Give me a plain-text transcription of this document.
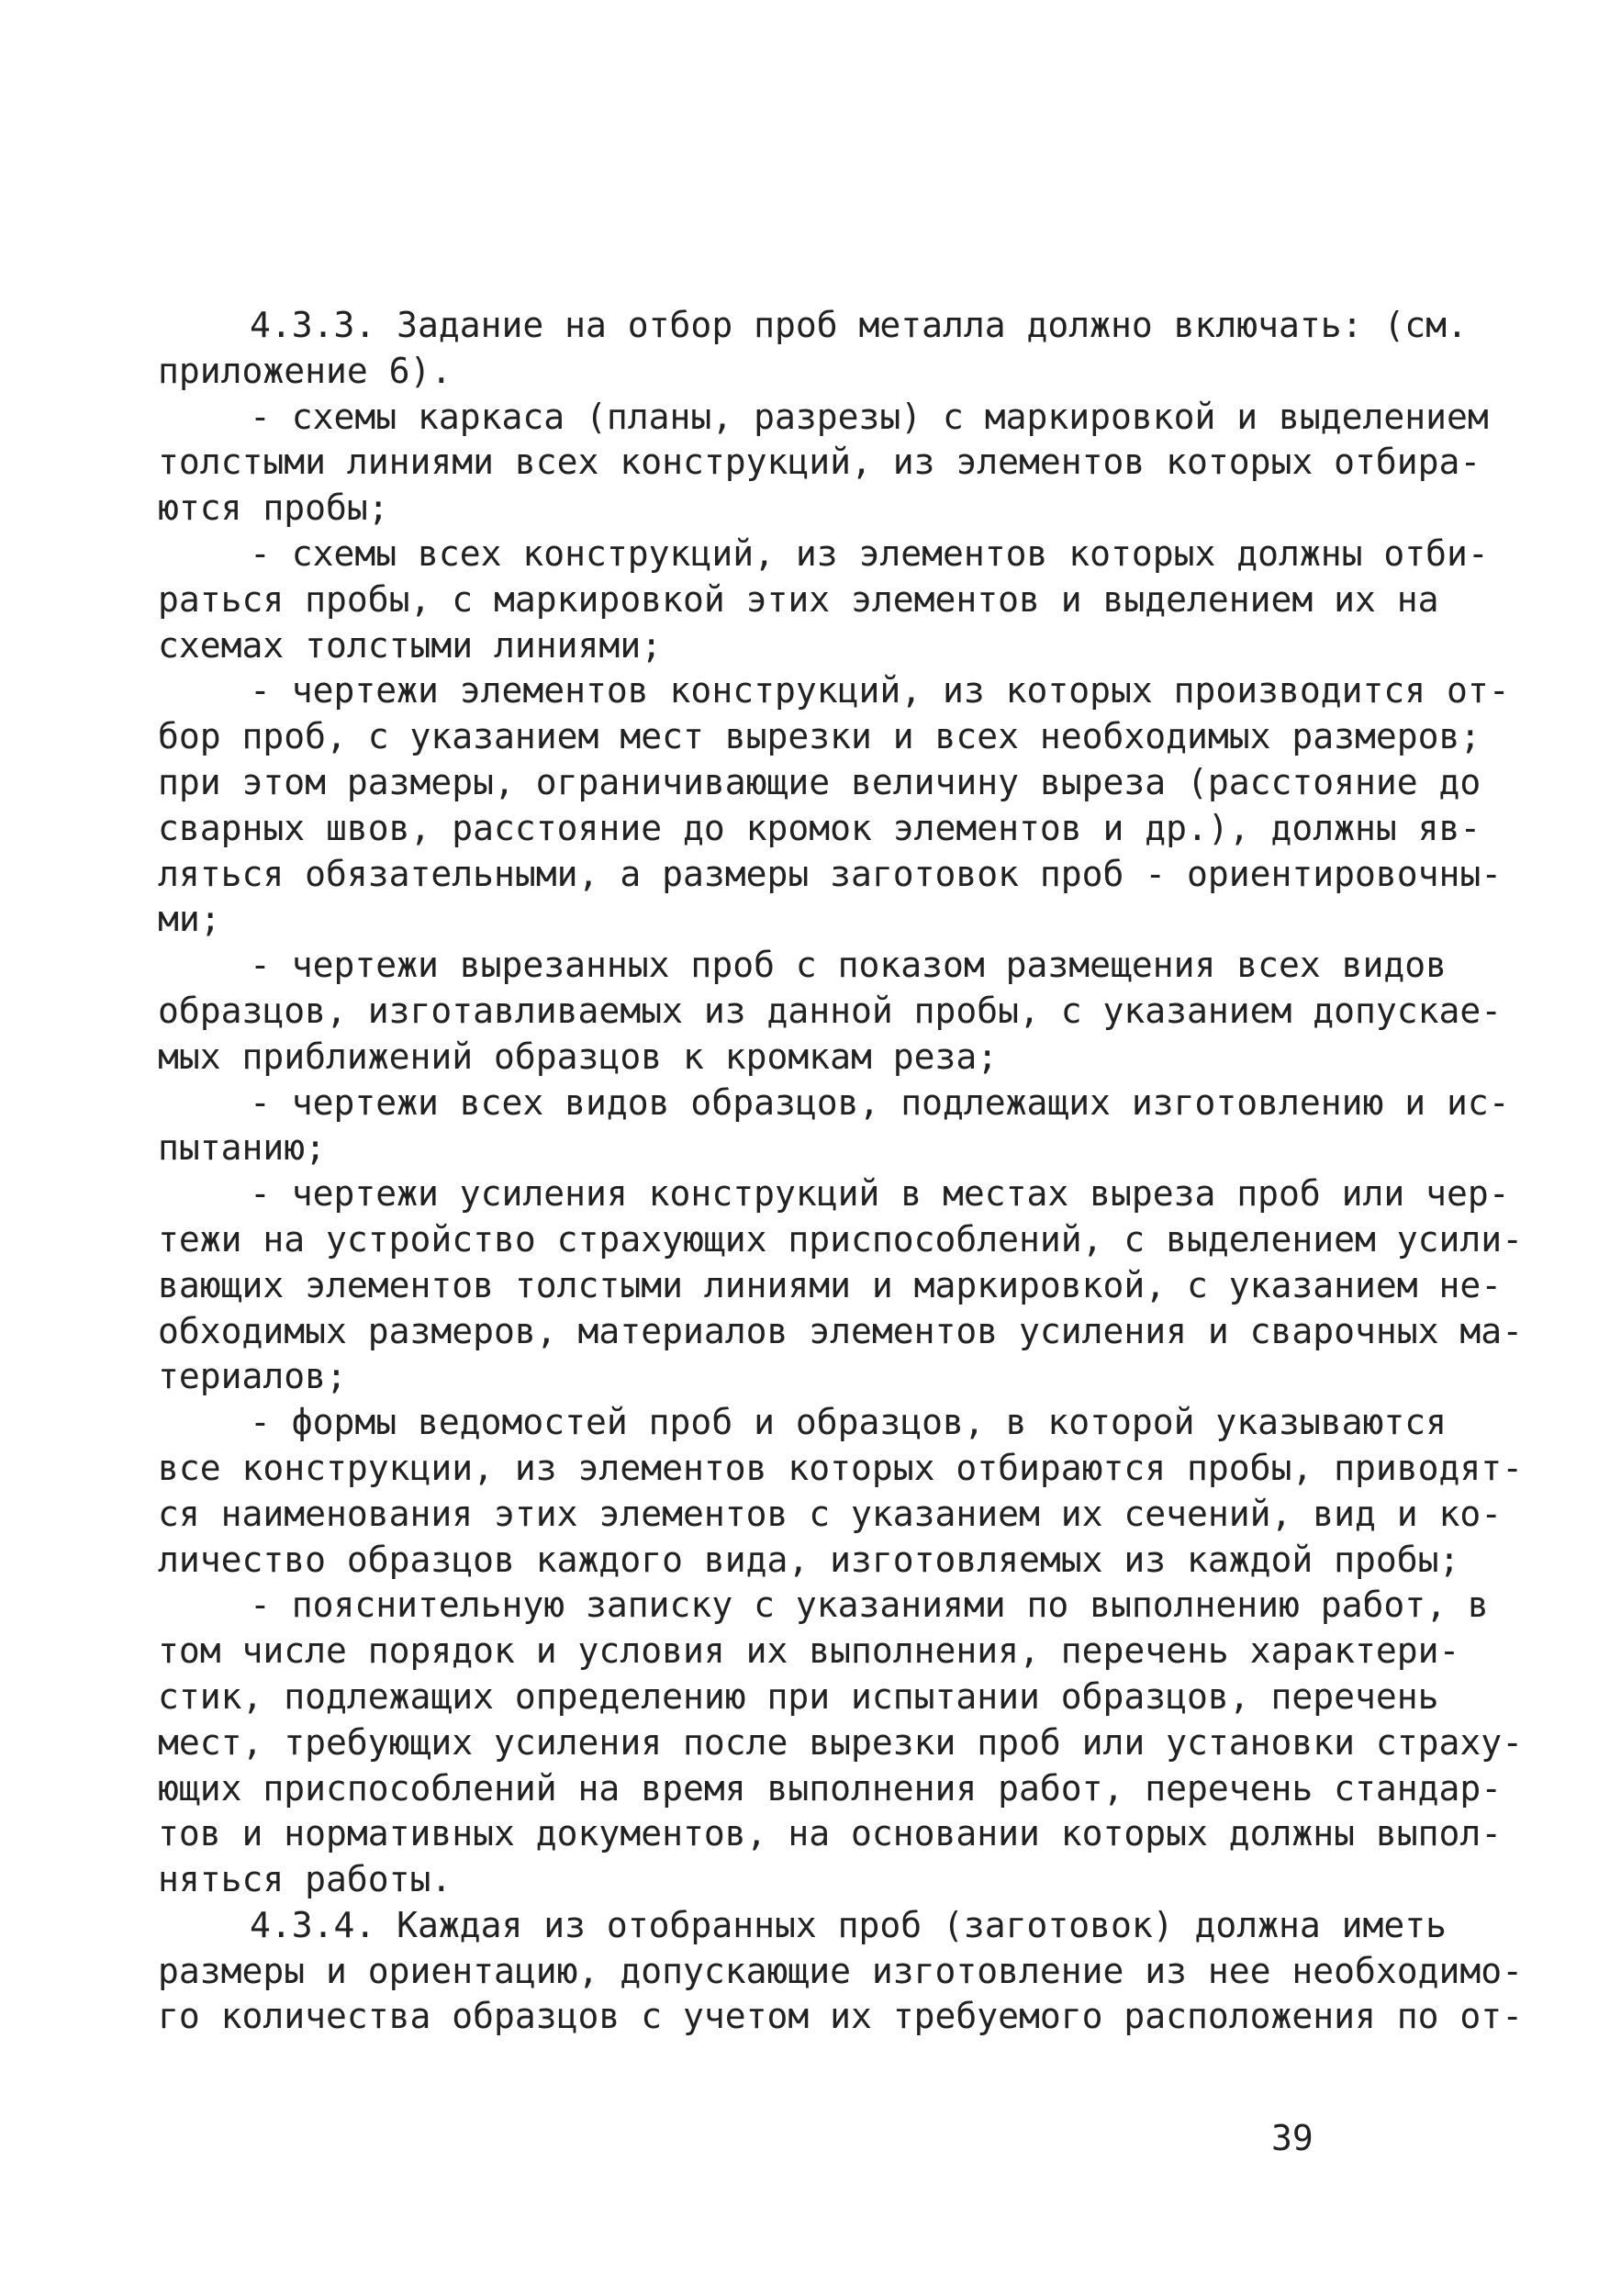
4.3.3. Задание на отбор проб металла должно включать: (см.
приложение 6).

- схемы каркаса (планы, разрезы) с маркировкой и выделением
толстыми линиями всех конструкций, из элементов которых отбира-
ются пробы;

- схемы всех конструкций, из элементов которых должны отби-
раться пробы, с маркировкой этих элементов и выделением их на
схемах толстыми линиями;

- чертежи элементов конструкций, из которых производится от-
бор проб, с указанием мест вырезки и всех необходимых размеров;
при этом размеры, ограничивающие величину выреза (расстояние до
сварных швов, расстояние до кромок элементов и др.), должны яв-
ляться обязательными, а размеры заготовок проб - ориентировочны-
ми;

- чертежи вырезанных проб с показом размещения всех видов
образцов, изготавливаемых из данной пробы, с указанием допускае-
мых приближений образцов к кромкам реза;

- чертежи всех видов образцов, подлежащих изготовлению и ис-
пытанию;

- чертежи усиления конструкций в местах выреза проб или чер-
тежи на устройство страхующих приспособлений, с выделением усили-
вающих элементов толстыми линиями и маркировкой, с указанием не-
обходимых размеров, материалов элементов усиления и сварочных ма-
териалов;

- формы ведомостей проб и образцов, в которой указываются
все конструкции, из элементов которых отбираются пробы, приводят-
ся наименования этих элементов с указанием их сечений, вид и ко-
личество образцов каждого вида, изготовляемых из каждой пробы;

- пояснительную записку с указаниями по выполнению работ, в
том числе порядок и условия их выполнения, перечень характери-
стик, подлежащих определению при испытании образцов, перечень
мест, требующих усиления после вырезки проб или установки страху-
ющих приспособлений на время выполнения работ, перечень стандар-
тов и нормативных документов, на основании которых должны выпол-
няться работы.

4.3.4. Каждая из отобранных проб (заготовок) должна иметь
размеры и ориентацию, допускающие изготовление из нее необходимо-
го количества образцов с учетом их требуемого расположения по от-

39
